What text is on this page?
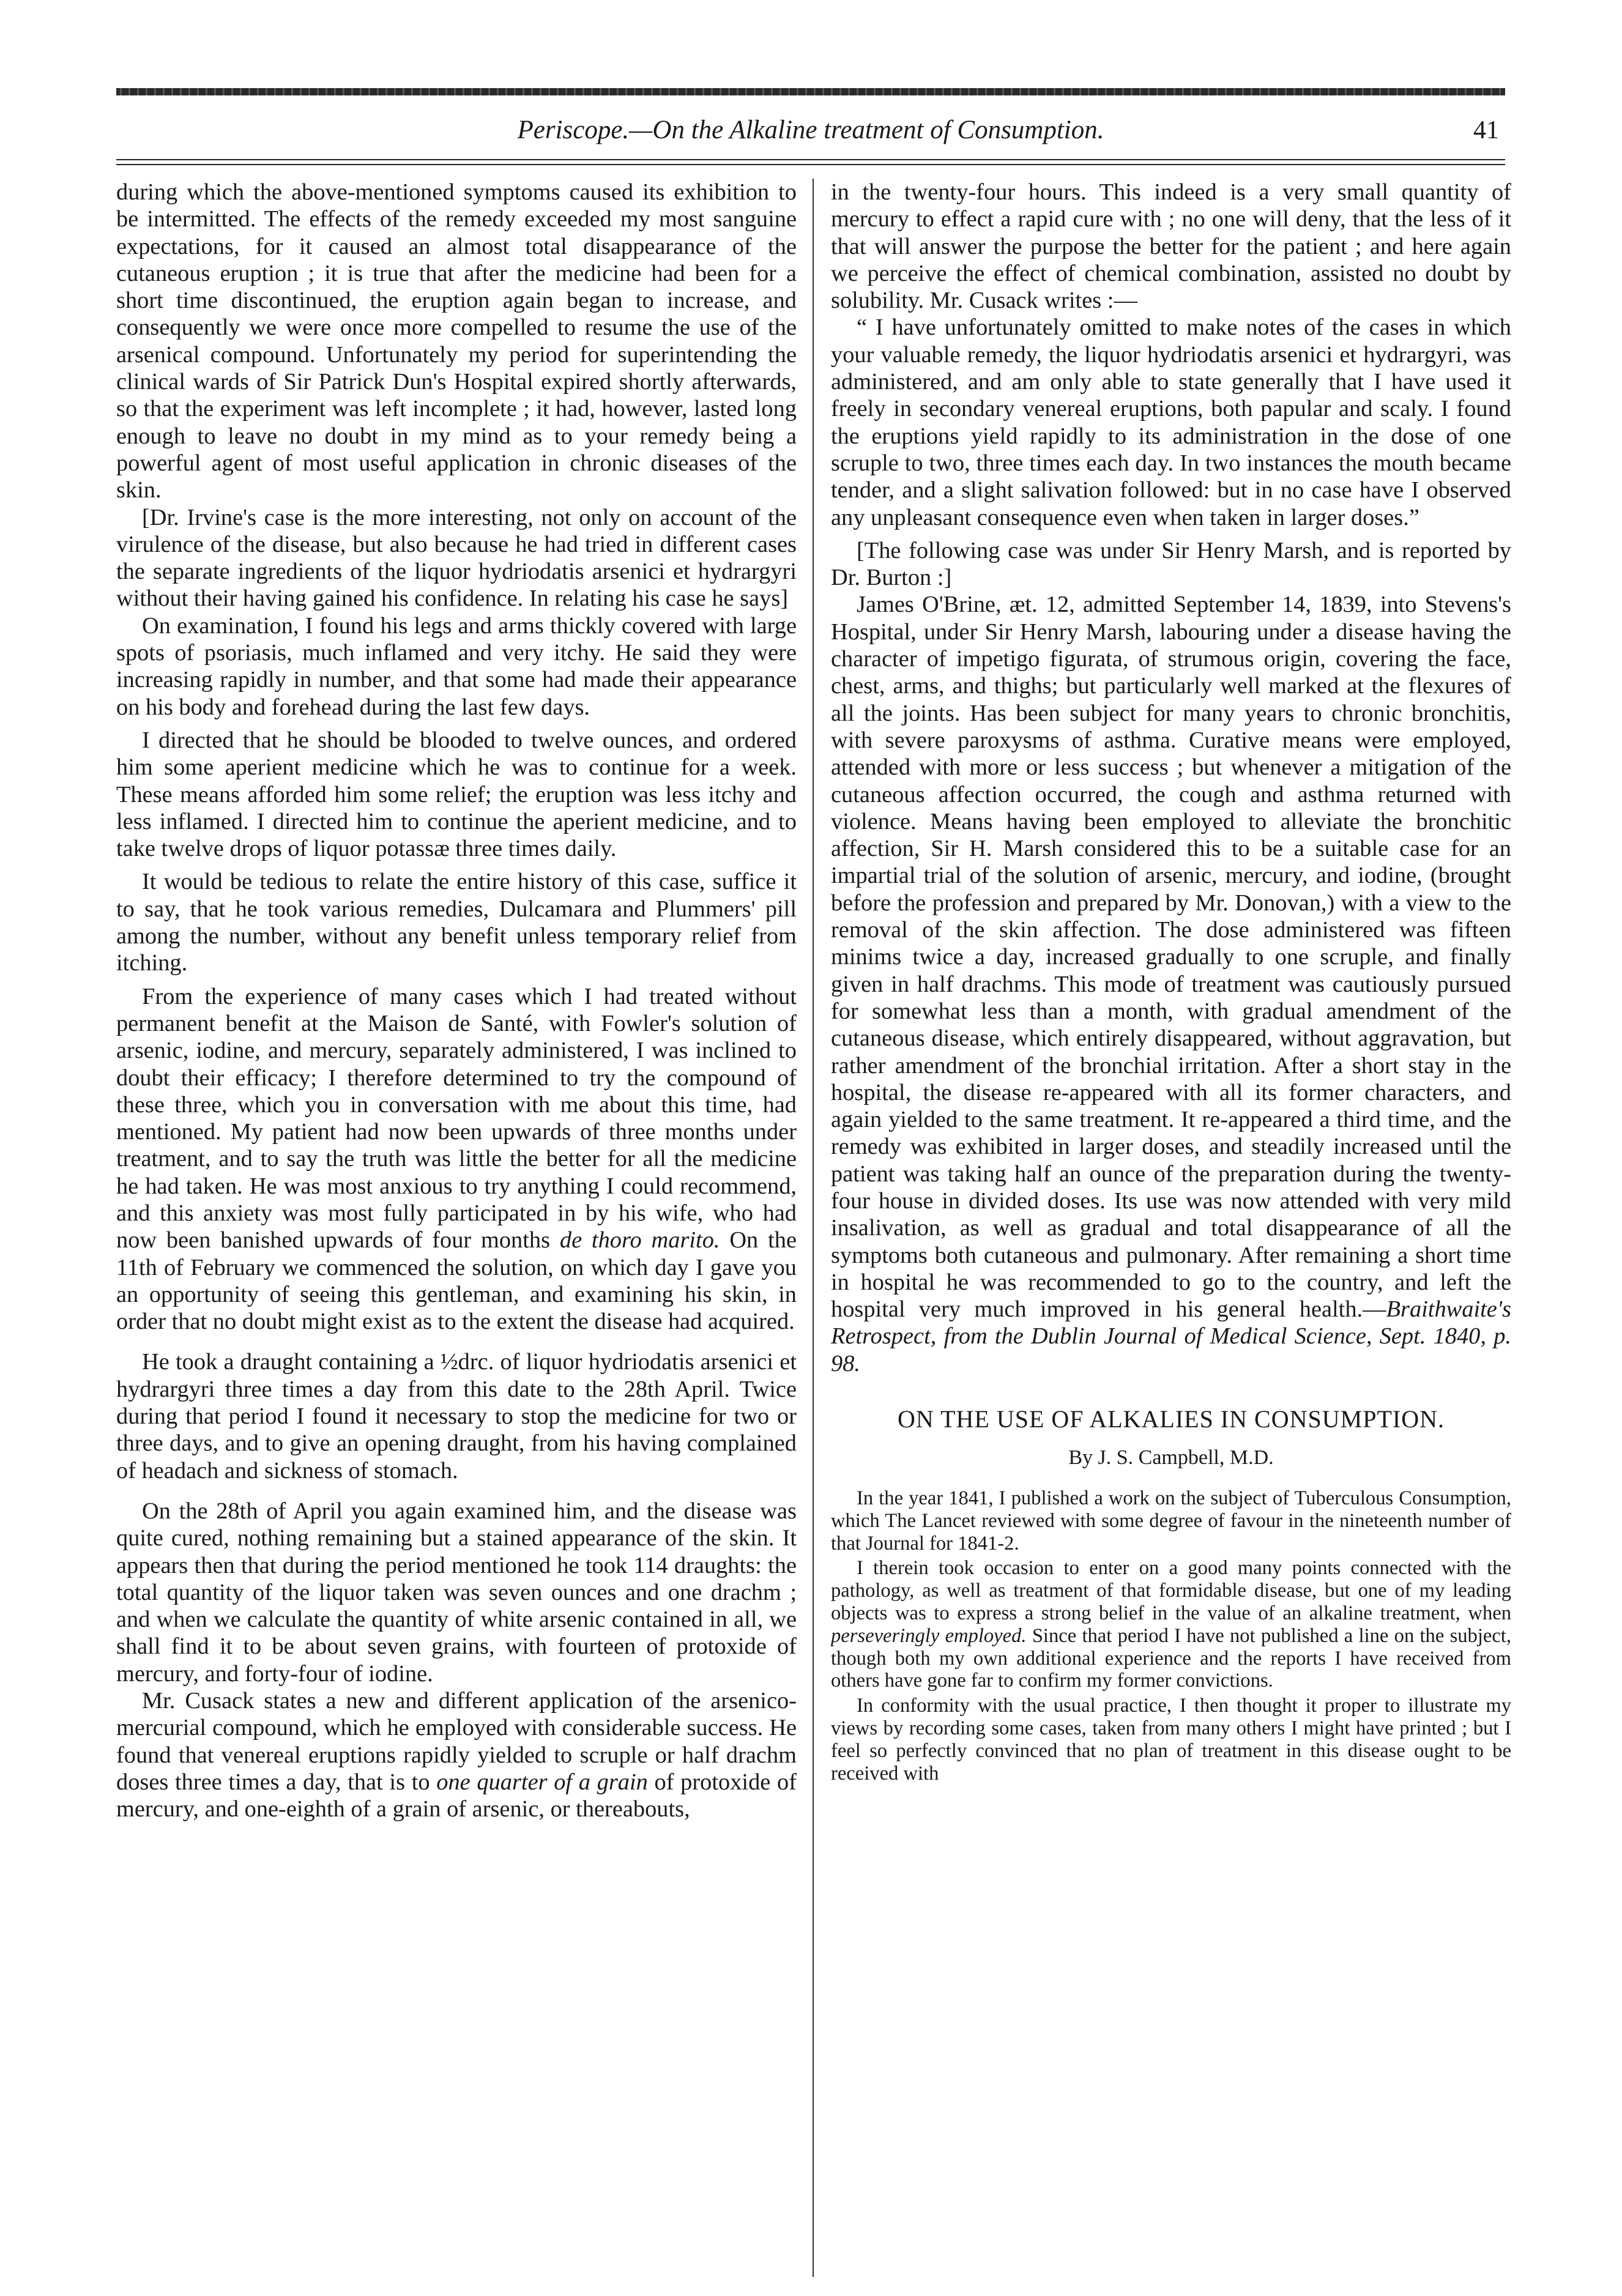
Periscope.—On the Alkaline treatment of Consumption.	41

during which the above-mentioned symptoms caused its exhibition to be intermitted. The effects of the remedy exceeded my most sanguine expectations, for it caused an almost total disappearance of the cutaneous eruption ; it is true that after the medicine had been for a short time discontinued, the eruption again began to increase, and consequently we were once more compelled to resume the use of the arsenical compound. Unfortunately my period for superintending the clinical wards of Sir Patrick Dun's Hospital expired shortly afterwards, so that the experiment was left incomplete ; it had, however, lasted long enough to leave no doubt in my mind as to your remedy being a powerful agent of most useful application in chronic diseases of the skin.

[Dr. Irvine's case is the more interesting, not only on account of the virulence of the disease, but also because he had tried in different cases the separate ingredients of the liquor hydriodatis arsenici et hydrargyri without their having gained his confidence. In relating his case he says]

On examination, I found his legs and arms thickly covered with large spots of psoriasis, much inflamed and very itchy. He said they were increasing rapidly in number, and that some had made their appearance on his body and forehead during the last few days.

I directed that he should be blooded to twelve ounces, and ordered him some aperient medicine which he was to continue for a week. These means afforded him some relief; the eruption was less itchy and less inflamed. I directed him to continue the aperient medicine, and to take twelve drops of liquor potassæ three times daily.

It would be tedious to relate the entire history of this case, suffice it to say, that he took various remedies, Dulcamara and Plummers' pill among the number, without any benefit unless temporary relief from itching.

From the experience of many cases which I had treated without permanent benefit at the Maison de Santé, with Fowler's solution of arsenic, iodine, and mercury, separately administered, I was inclined to doubt their efficacy; I therefore determined to try the compound of these three, which you in conversation with me about this time, had mentioned. My patient had now been upwards of three months under treatment, and to say the truth was little the better for all the medicine he had taken. He was most anxious to try anything I could recommend, and this anxiety was most fully participated in by his wife, who had now been banished upwards of four months de thoro marito. On the 11th of February we commenced the solution, on which day I gave you an opportunity of seeing this gentleman, and examining his skin, in order that no doubt might exist as to the extent the disease had acquired.

He took a draught containing a ½drc. of liquor hydriodatis arsenici et hydrargyri three times a day from this date to the 28th April. Twice during that period I found it necessary to stop the medicine for two or three days, and to give an opening draught, from his having complained of headach and sickness of stomach.

On the 28th of April you again examined him, and the disease was quite cured, nothing remaining but a stained appearance of the skin. It appears then that during the period mentioned he took 114 draughts: the total quantity of the liquor taken was seven ounces and one drachm ; and when we calculate the quantity of white arsenic contained in all, we shall find it to be about seven grains, with fourteen of protoxide of mercury, and forty-four of iodine.

Mr. Cusack states a new and different application of the arsenico-mercurial compound, which he employed with considerable success. He found that venereal eruptions rapidly yielded to scruple or half drachm doses three times a day, that is to one quarter of a grain of protoxide of mercury, and one-eighth of a grain of arsenic, or thereabouts,

in the twenty-four hours. This indeed is a very small quantity of mercury to effect a rapid cure with ; no one will deny, that the less of it that will answer the purpose the better for the patient ; and here again we perceive the effect of chemical combination, assisted no doubt by solubility. Mr. Cusack writes :—

“ I have unfortunately omitted to make notes of the cases in which your valuable remedy, the liquor hydriodatis arsenici et hydrargyri, was administered, and am only able to state generally that I have used it freely in secondary venereal eruptions, both papular and scaly. I found the eruptions yield rapidly to its administration in the dose of one scruple to two, three times each day. In two instances the mouth became tender, and a slight salivation followed: but in no case have I observed any unpleasant consequence even when taken in larger doses.”

[The following case was under Sir Henry Marsh, and is reported by Dr. Burton :]

James O'Brine, æt. 12, admitted September 14, 1839, into Stevens's Hospital, under Sir Henry Marsh, labouring under a disease having the character of impetigo figurata, of strumous origin, covering the face, chest, arms, and thighs; but particularly well marked at the flexures of all the joints. Has been subject for many years to chronic bronchitis, with severe paroxysms of asthma. Curative means were employed, attended with more or less success ; but whenever a mitigation of the cutaneous affection occurred, the cough and asthma returned with violence. Means having been employed to alleviate the bronchitic affection, Sir H. Marsh considered this to be a suitable case for an impartial trial of the solution of arsenic, mercury, and iodine, (brought before the profession and prepared by Mr. Donovan,) with a view to the removal of the skin affection. The dose administered was fifteen minims twice a day, increased gradually to one scruple, and finally given in half drachms. This mode of treatment was cautiously pursued for somewhat less than a month, with gradual amendment of the cutaneous disease, which entirely disappeared, without aggravation, but rather amendment of the bronchial irritation. After a short stay in the hospital, the disease re-appeared with all its former characters, and again yielded to the same treatment. It re-appeared a third time, and the remedy was exhibited in larger doses, and steadily increased until the patient was taking half an ounce of the preparation during the twenty-four house in divided doses. Its use was now attended with very mild insalivation, as well as gradual and total disappearance of all the symptoms both cutaneous and pulmonary. After remaining a short time in hospital he was recommended to go to the country, and left the hospital very much improved in his general health.—Braithwaite's Retrospect, from the Dublin Journal of Medical Science, Sept. 1840, p. 98.

ON THE USE OF ALKALIES IN CONSUMPTION.
By J. S. Campbell, M.D.

In the year 1841, I published a work on the subject of Tuberculous Consumption, which The Lancet reviewed with some degree of favour in the nineteenth number of that Journal for 1841-2.

I therein took occasion to enter on a good many points connected with the pathology, as well as treatment of that formidable disease, but one of my leading objects was to express a strong belief in the value of an alkaline treatment, when perseveringly employed. Since that period I have not published a line on the subject, though both my own additional experience and the reports I have received from others have gone far to confirm my former convictions.

In conformity with the usual practice, I then thought it proper to illustrate my views by recording some cases, taken from many others I might have printed ; but I feel so perfectly convinced that no plan of treatment in this disease ought to be received with
